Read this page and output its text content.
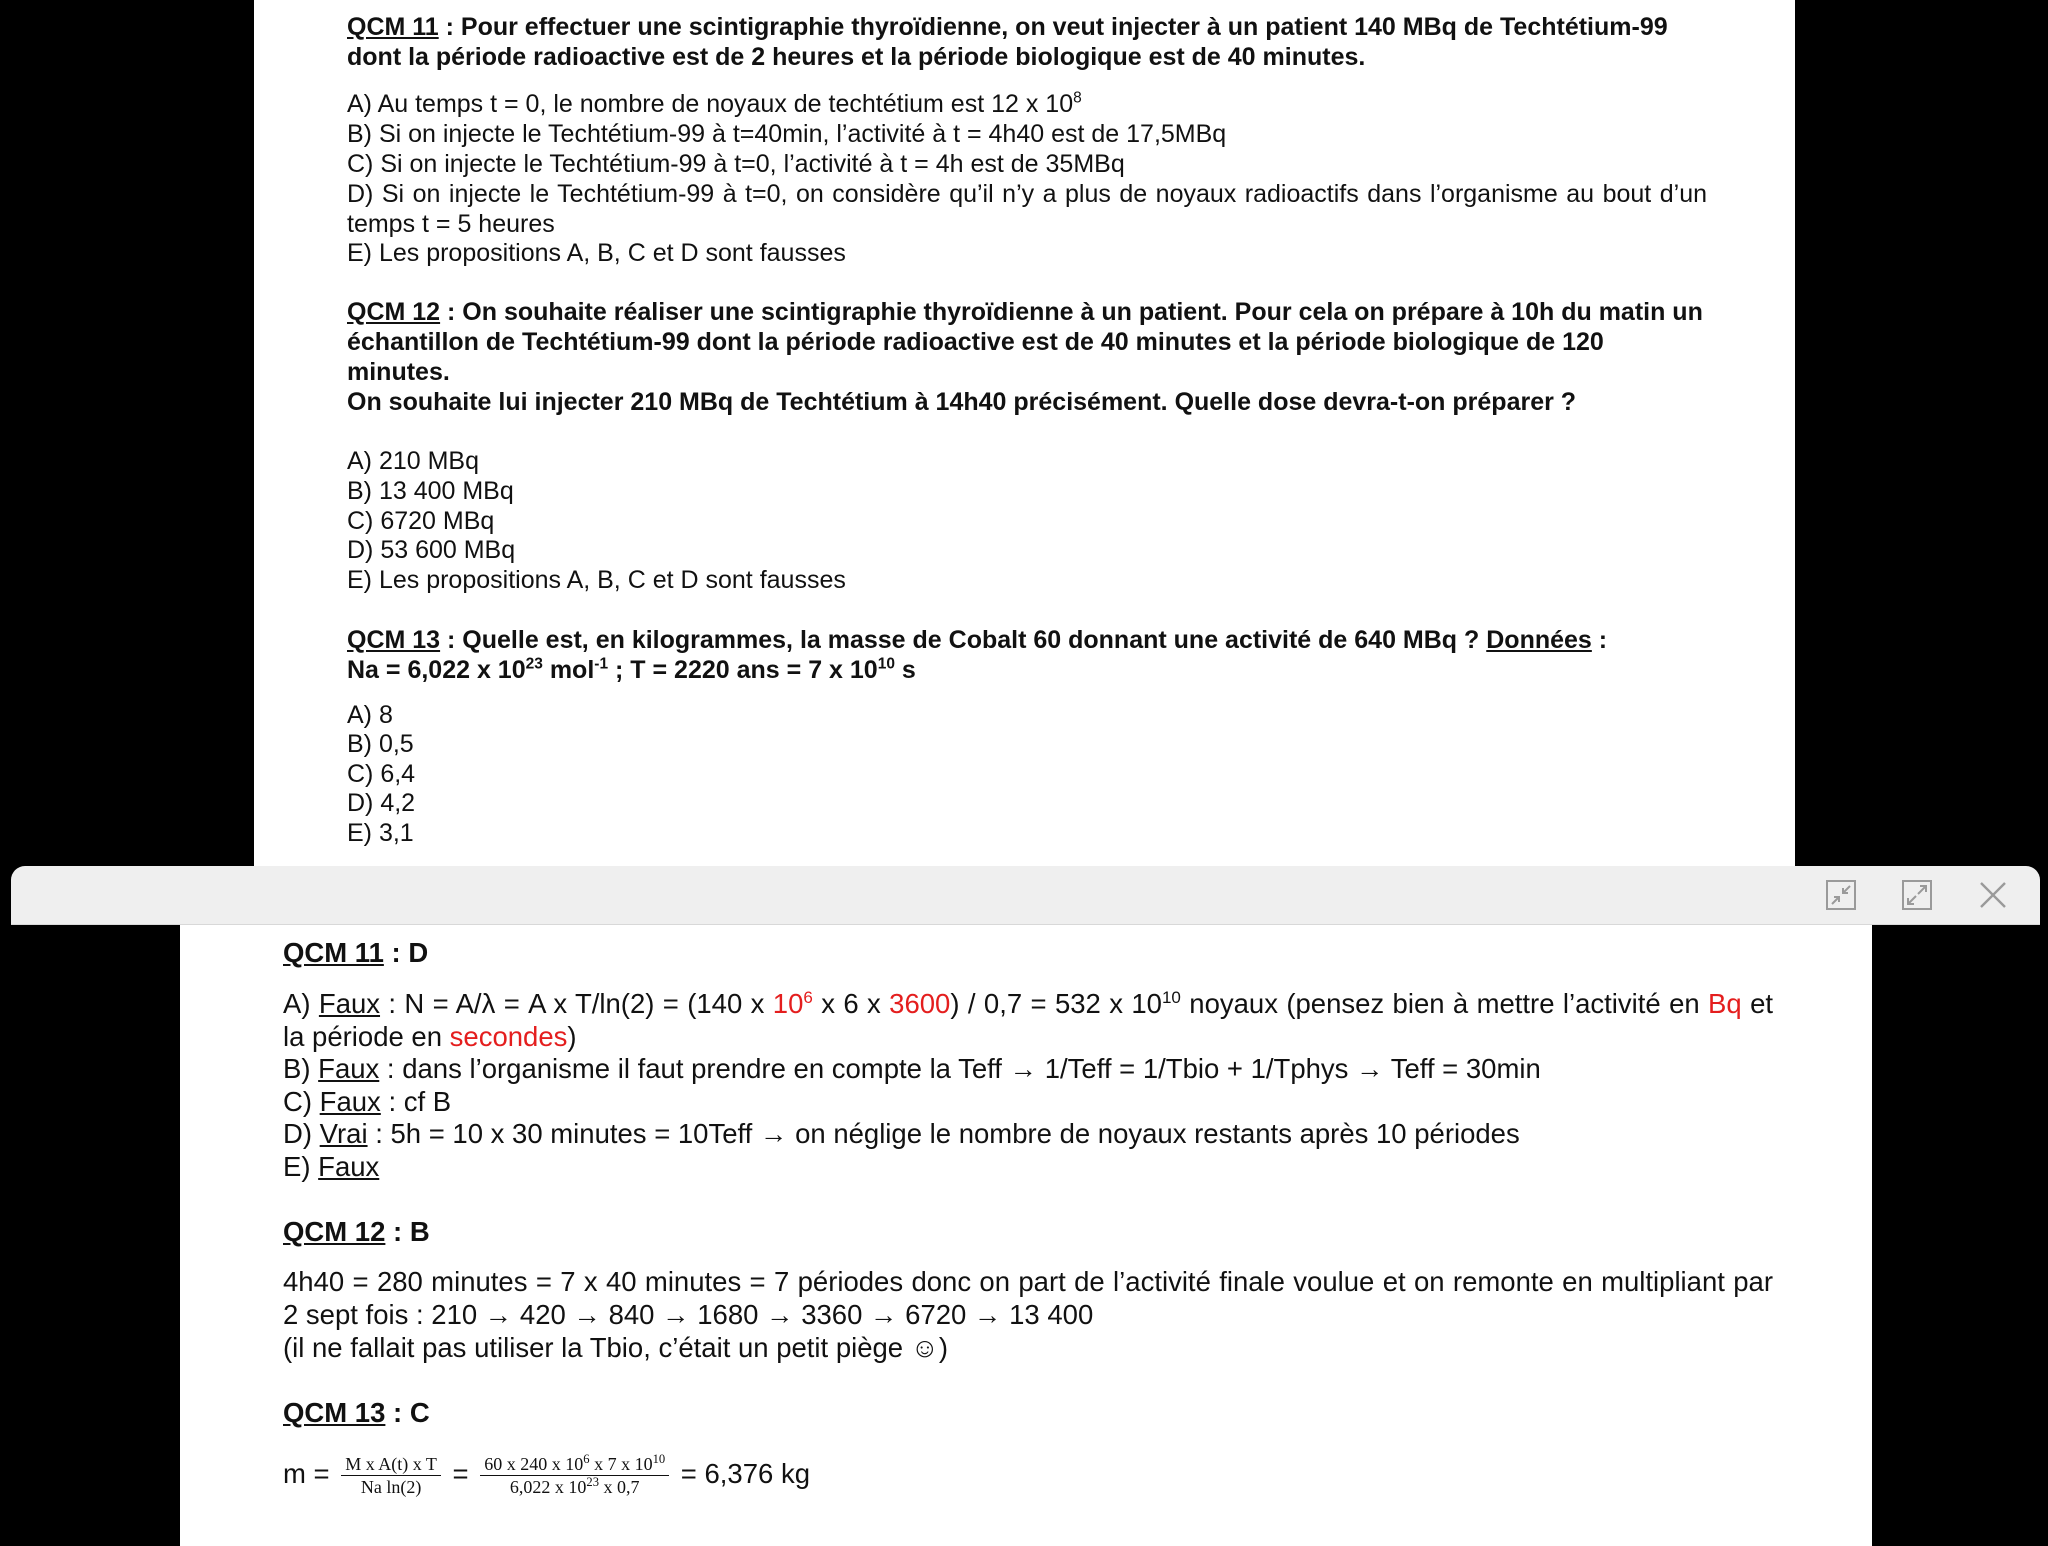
QCM 11 : Pour effectuer une scintigraphie thyroïdienne, on veut injecter à un patient 140 MBq de Techtétium-99 dont la période radioactive est de 2 heures et la période biologique est de 40 minutes.
A) Au temps t = 0, le nombre de noyaux de techtétium est 12 x $10^8$
B) Si on injecte le Techtétium-99 à t=40min, l’activité à t = 4h40 est de 17,5MBq
C) Si on injecte le Techtétium-99 à t=0, l’activité à t = 4h est de 35MBq
D) Si on injecte le Techtétium-99 à t=0, on considère qu’il n’y a plus de noyaux radioactifs dans l’organisme au bout d’un temps t = 5 heures
E) Les propositions A, B, C et D sont fausses
QCM 12 : On souhaite réaliser une scintigraphie thyroïdienne à un patient. Pour cela on prépare à 10h du matin un échantillon de Techtétium-99 dont la période radioactive est de 40 minutes et la période biologique de 120 minutes.
On souhaite lui injecter 210 MBq de Techtétium à 14h40 précisément. Quelle dose devra-t-on préparer ?
A) 210 MBq
B) 13 400 MBq
C) 6720 MBq
D) 53 600 MBq
E) Les propositions A, B, C et D sont fausses
QCM 13 : Quelle est, en kilogrammes, la masse de Cobalt 60 donnant une activité de 640 MBq ? Données :
Na = 6,022 x $10^{23}$ mol$^{-1}$ ; T = 2220 ans = 7 x $10^{10}$ s
A) 8
B) 0,5
C) 6,4
D) 4,2
E) 3,1
QCM 11 : D
A) Faux : N = A/λ = A x T/ln(2) = (140 x $10^6$ x 6 x 3600) / 0,7 = 532 x $10^{10}$ noyaux (pensez bien à mettre l’activité en Bq et la période en secondes)
B) Faux : dans l’organisme il faut prendre en compte la Teff → 1/Teff = 1/Tbio + 1/Tphys → Teff = 30min
C) Faux : cf B
D) Vrai : 5h = 10 x 30 minutes = 10Teff → on néglige le nombre de noyaux restants après 10 périodes
E) Faux
QCM 12 : B
4h40 = 280 minutes = 7 x 40 minutes = 7 périodes donc on part de l’activité finale voulue et on remonte en multipliant par 2 sept fois : 210 → 420 → 840 → 1680 → 3360 → 6720 → 13 400
(il ne fallait pas utiliser la Tbio, c’était un petit piège ☺)
QCM 13 : C
$m = \frac{\text{M x A(t) x T}}{\text{Na ln(2)}} = \frac{60 x 240 x 10^6 x 7 x 10^{10}}{6,022 x 10^{23} x 0,7} = 6,376$ kg
